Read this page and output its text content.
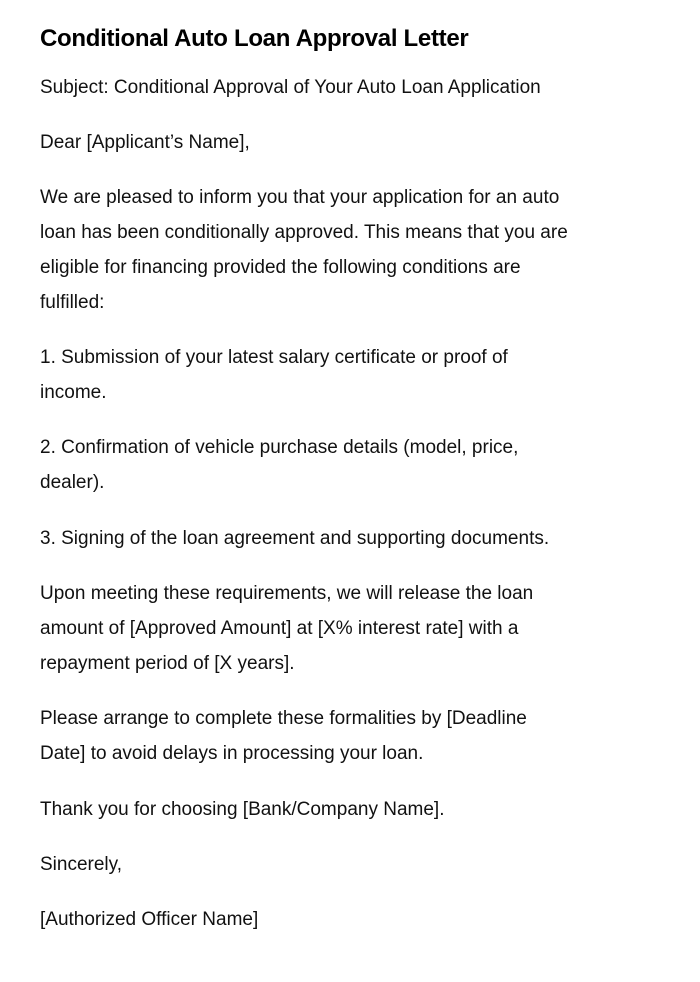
Conditional Auto Loan Approval Letter

Subject: Conditional Approval of Your Auto Loan Application

Dear [Applicant’s Name],

We are pleased to inform you that your application for an auto
loan has been conditionally approved. This means that you are
eligible for financing provided the following conditions are
fulfilled:

1. Submission of your latest salary certificate or proof of
income.

2. Confirmation of vehicle purchase details (model, price,
dealer).

3. Signing of the loan agreement and supporting documents.

Upon meeting these requirements, we will release the loan
amount of [Approved Amount] at [X% interest rate] with a
repayment period of [X years].

Please arrange to complete these formalities by [Deadline
Date] to avoid delays in processing your loan.

Thank you for choosing [Bank/Company Name].

Sincerely,

[Authorized Officer Name]
